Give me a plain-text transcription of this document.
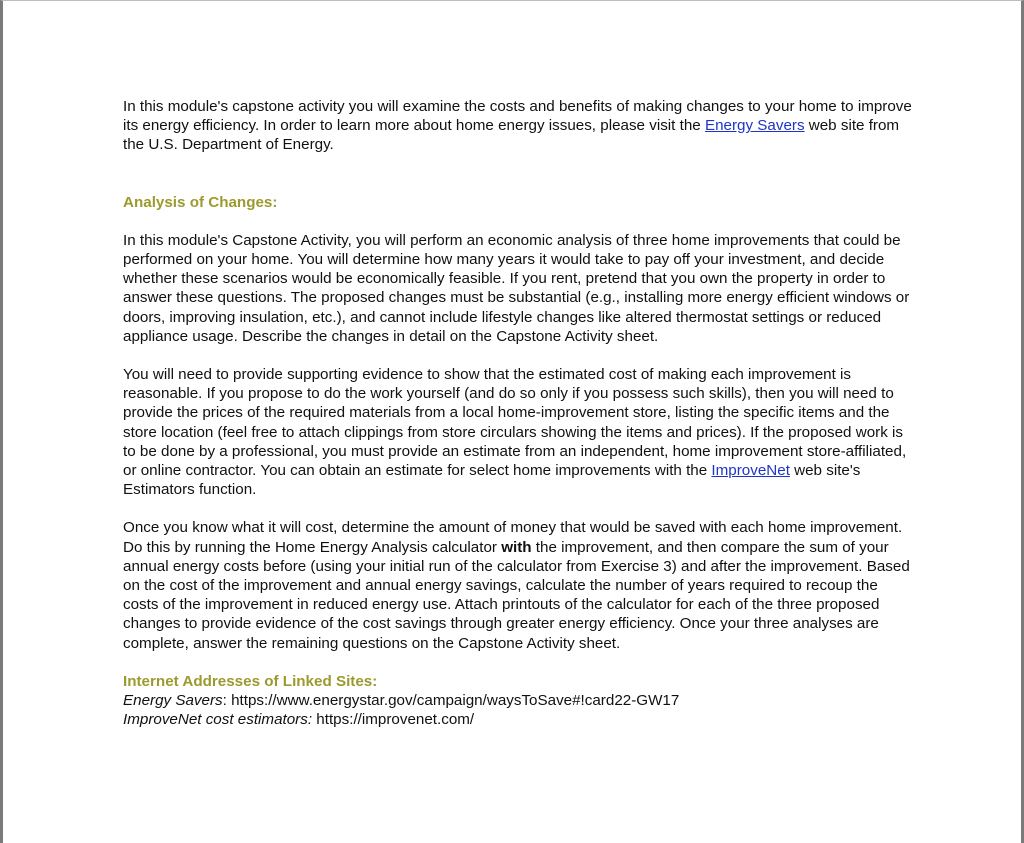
In this module's capstone activity you will examine the costs and benefits of making changes to your home to improve its energy efficiency. In order to learn more about home energy issues, please visit the Energy Savers web site from the U.S. Department of Energy.

Analysis of Changes:

In this module's Capstone Activity, you will perform an economic analysis of three home improvements that could be performed on your home. You will determine how many years it would take to pay off your investment, and decide whether these scenarios would be economically feasible. If you rent, pretend that you own the property in order to answer these questions. The proposed changes must be substantial (e.g., installing more energy efficient windows or doors, improving insulation, etc.), and cannot include lifestyle changes like altered thermostat settings or reduced appliance usage. Describe the changes in detail on the Capstone Activity sheet.

You will need to provide supporting evidence to show that the estimated cost of making each improvement is reasonable. If you propose to do the work yourself (and do so only if you possess such skills), then you will need to provide the prices of the required materials from a local home-improvement store, listing the specific items and the store location (feel free to attach clippings from store circulars showing the items and prices). If the proposed work is to be done by a professional, you must provide an estimate from an independent, home improvement store-affiliated, or online contractor. You can obtain an estimate for select home improvements with the ImproveNet web site's Estimators function.

Once you know what it will cost, determine the amount of money that would be saved with each home improvement. Do this by running the Home Energy Analysis calculator with the improvement, and then compare the sum of your annual energy costs before (using your initial run of the calculator from Exercise 3) and after the improvement. Based on the cost of the improvement and annual energy savings, calculate the number of years required to recoup the costs of the improvement in reduced energy use. Attach printouts of the calculator for each of the three proposed changes to provide evidence of the cost savings through greater energy efficiency. Once your three analyses are complete, answer the remaining questions on the Capstone Activity sheet.

Internet Addresses of Linked Sites:

Energy Savers: https://www.energystar.gov/campaign/waysToSave#!card22-GW17

ImproveNet cost estimators: https://improvenet.com/
